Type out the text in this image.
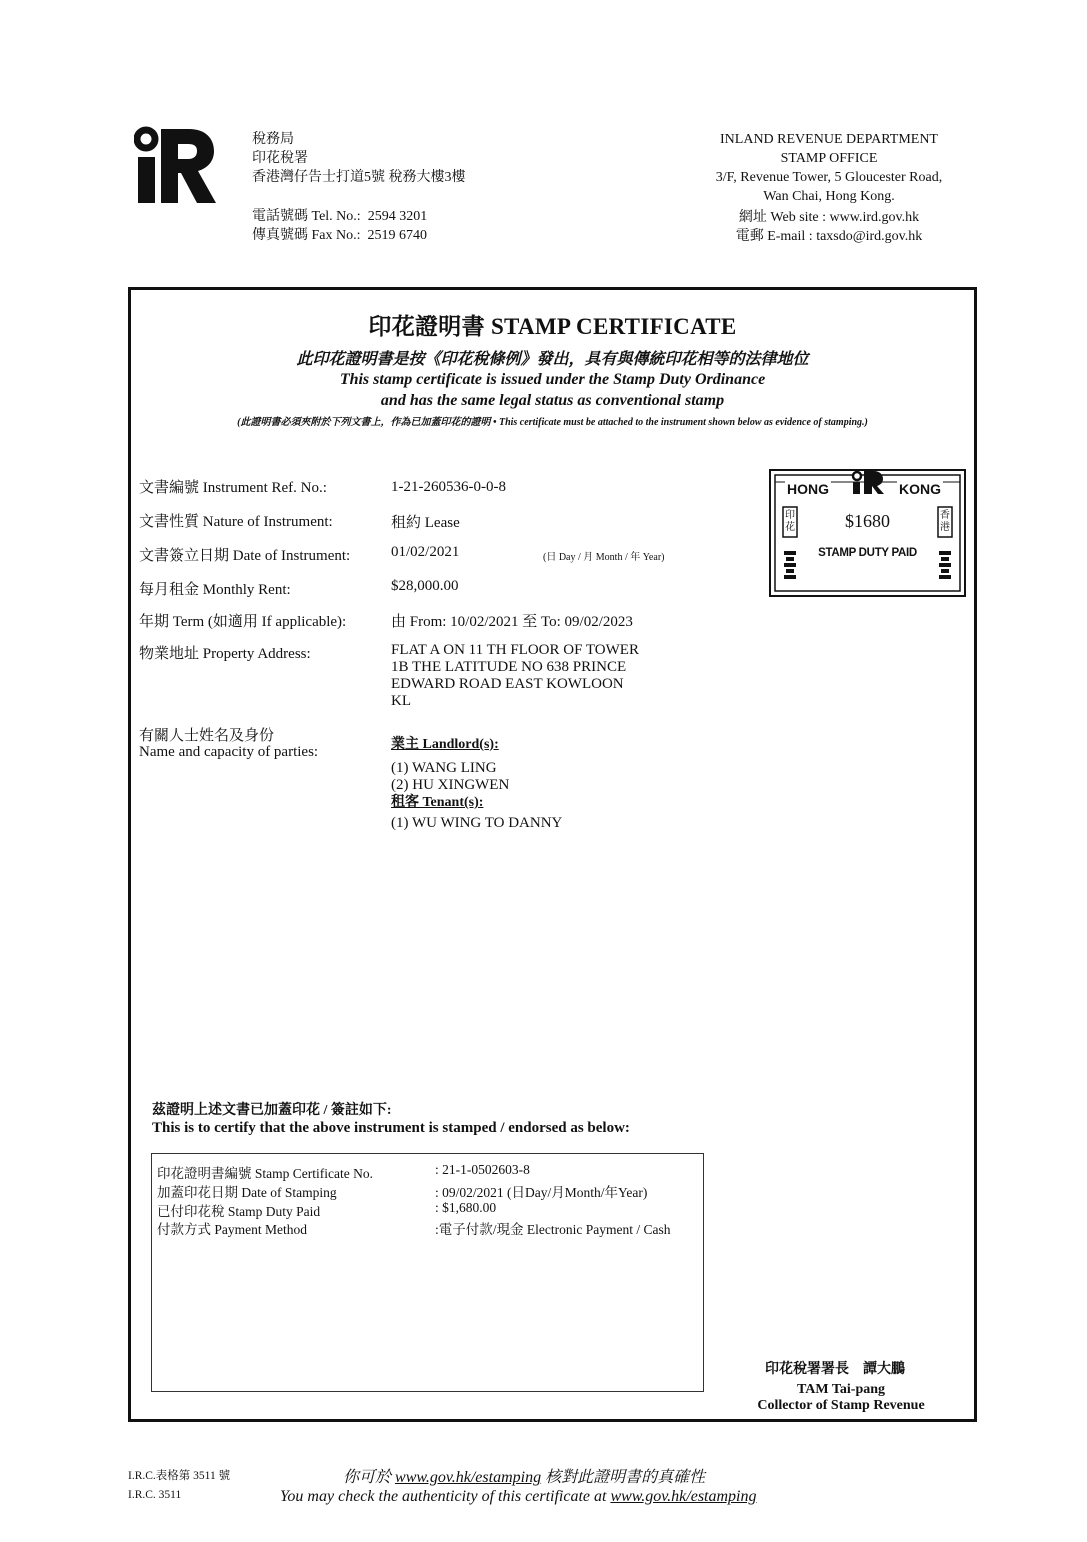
稅務局
印花稅署
香港灣仔告士打道5號 稅務大樓3樓
電話號碼 Tel. No.: 2594 3201
傳真號碼 Fax No.: 2519 6740
INLAND REVENUE DEPARTMENT
STAMP OFFICE
3/F, Revenue Tower, 5 Gloucester Road,
Wan Chai, Hong Kong.
網址 Web site : www.ird.gov.hk
電郵 E-mail : taxsdo@ird.gov.hk
印花證明書 STAMP CERTIFICATE
此印花證明書是按《印花稅條例》發出，具有與傳統印花相等的法律地位
This stamp certificate is issued under the Stamp Duty Ordinance
and has the same legal status as conventional stamp
(此證明書必須夾附於下列文書上，作為已加蓋印花的證明 • This certificate must be attached to the instrument shown below as evidence of stamping.)
文書編號 Instrument Ref. No.:	1-21-260536-0-0-8
文書性質 Nature of Instrument:	租約 Lease
文書簽立日期 Date of Instrument:	01/02/2021	(日 Day / 月 Month / 年 Year)
每月租金 Monthly Rent:	$28,000.00
年期 Term (如適用 If applicable):	由 From: 10/02/2021 至 To: 09/02/2023
物業地址 Property Address:	FLAT A ON 11 TH FLOOR OF TOWER
1B THE LATITUDE NO 638 PRINCE
EDWARD ROAD EAST KOWLOON
KL
有關人士姓名及身份
Name and capacity of parties:	業主 Landlord(s):
(1) WANG LING
(2) HU XINGWEN
租客 Tenant(s):
(1) WU WING TO DANNY
HONG	KONG
印花
香港
$1680
STAMP DUTY PAID
茲證明上述文書已加蓋印花 / 簽註如下:
This is to certify that the above instrument is stamped / endorsed as below:
印花證明書編號 Stamp Certificate No.	: 21-1-0502603-8
加蓋印花日期 Date of Stamping	: 09/02/2021 (日Day/月Month/年Year)
已付印花稅 Stamp Duty Paid	: $1,680.00
付款方式 Payment Method	:電子付款/現金 Electronic Payment / Cash
印花稅署署長　譚大鵬
TAM Tai-pang
Collector of Stamp Revenue
I.R.C.表格第 3511 號
I.R.C. 3511
你可於 www.gov.hk/estamping 核對此證明書的真確性
You may check the authenticity of this certificate at www.gov.hk/estamping
